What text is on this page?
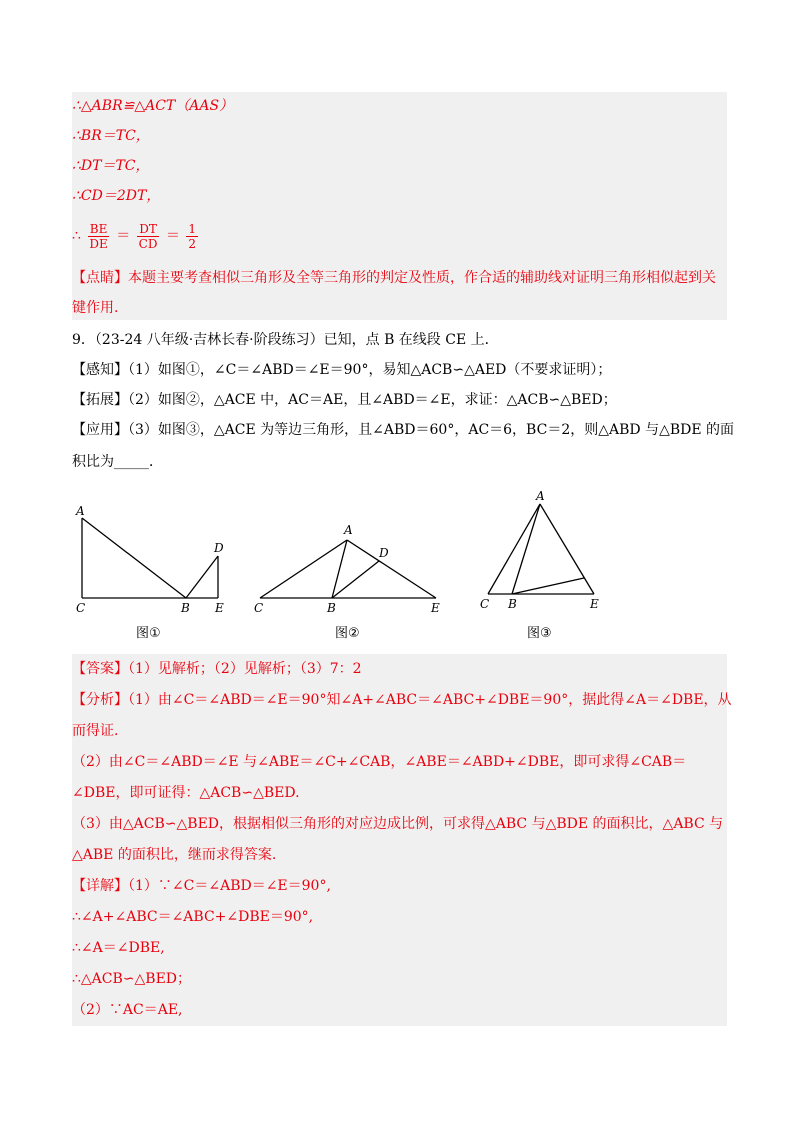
∴△ABR≌△ACT（AAS）
∴BR＝TC，
∴DT＝TC，
∴CD＝2DT，
∴ $\frac{BE}{DE} = \frac{DT}{CD} = \frac{1}{2}$
【点睛】本题主要考查相似三角形及全等三角形的判定及性质，作合适的辅助线对证明三角形相似起到关
键作用.
9．（23-24 八年级·吉林长春·阶段练习）已知，点 B 在线段 CE 上．
【感知】（1）如图①，∠C＝∠ABD＝∠E＝90°，易知△ACB∽△AED（不要求证明）；
【拓展】（2）如图②，△ACE 中，AC＝AE，且∠ABD＝∠E，求证：△ACB∽△BED；
【应用】（3）如图③，△ACE 为等边三角形，且∠ABD＝60°，AC＝6，BC＝2，则△ABD 与△BDE 的面
积比为_____．
A
C	B
D
E
图①
A
D
C	B	E
图②
A
C B	E
图③
【答案】（1）见解析；（2）见解析；（3）7：2
【分析】（1）由∠C＝∠ABD＝∠E＝90°知∠A+∠ABC＝∠ABC+∠DBE＝90°，据此得∠A＝∠DBE，从
而得证.
（2）由∠C＝∠ABD＝∠E 与∠ABE＝∠C+∠CAB，∠ABE＝∠ABD+∠DBE，即可求得∠CAB＝
∠DBE，即可证得：△ACB∽△BED.
（3）由△ACB∽△BED，根据相似三角形的对应边成比例，可求得△ABC 与△BDE 的面积比，△ABC 与
△ABE 的面积比，继而求得答案.
【详解】（1）∵∠C＝∠ABD＝∠E＝90°,
∴∠A+∠ABC＝∠ABC+∠DBE＝90°,
∴∠A＝∠DBE,
∴△ACB∽△BED；
（2）∵AC＝AE,
